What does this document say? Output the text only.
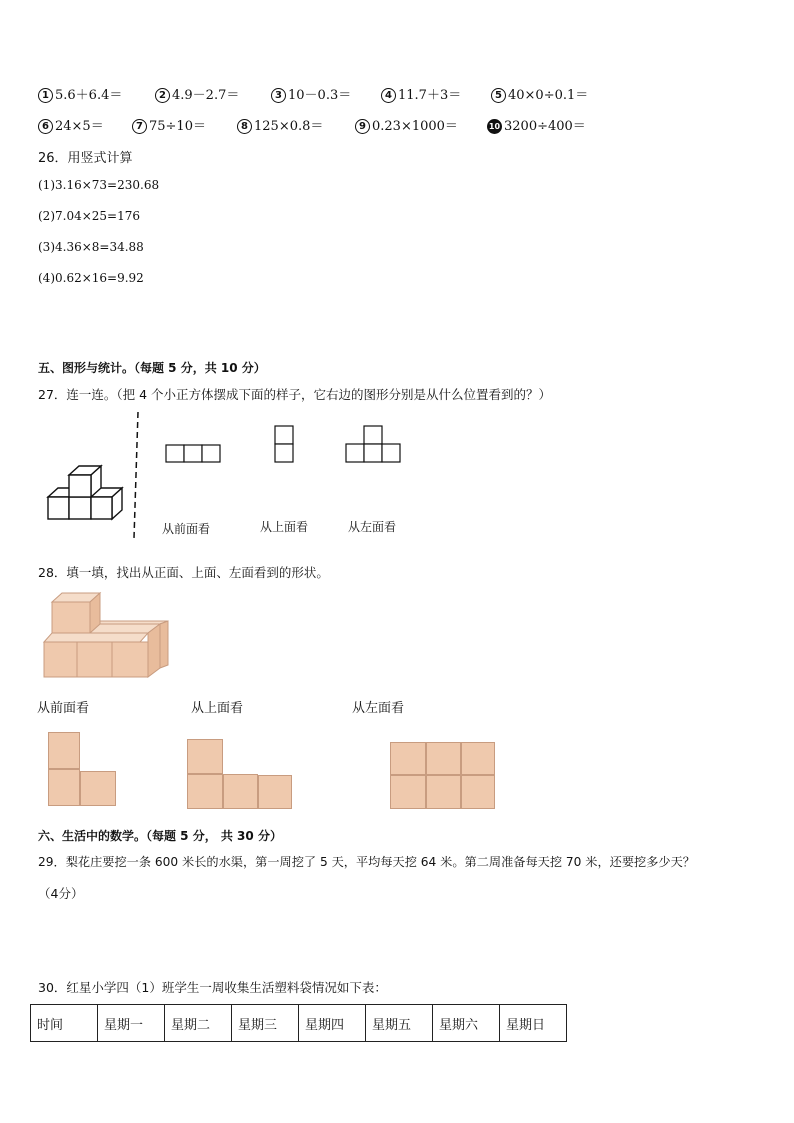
1 5.6＋6.4＝	2 4.9－2.7＝	3 10－0.3＝	4 11.7＋3＝	5 40×0÷0.1＝
6 24×5＝	7 75÷10＝	8 125×0.8＝	9 0.23×1000＝	10 3200÷400＝
26．用竖式计算
(1)3.16×73=230.68
(2)7.04×25=176
(3)4.36×8=34.88
(4)0.62×16=9.92
五、图形与统计。（每题 5 分，共 10 分）
27．连一连。（把 4 个小正方体摆成下面的样子，它右边的图形分别是从什么位置看到的？）
从前面看	从上面看	从左面看
28．填一填，找出从正面、上面、左面看到的形状。
从前面看	从上面看	从左面看
六、生活中的数学。（每题 5 分， 共 30 分）
29．梨花庄要挖一条 600 米长的水渠，第一周挖了 5 天，平均每天挖 64 米。第二周准备每天挖 70 米，还要挖多少天？
（4分）
30．红星小学四（1）班学生一周收集生活塑料袋情况如下表：
时间	星期一	星期二	星期三	星期四	星期五	星期六	星期日
